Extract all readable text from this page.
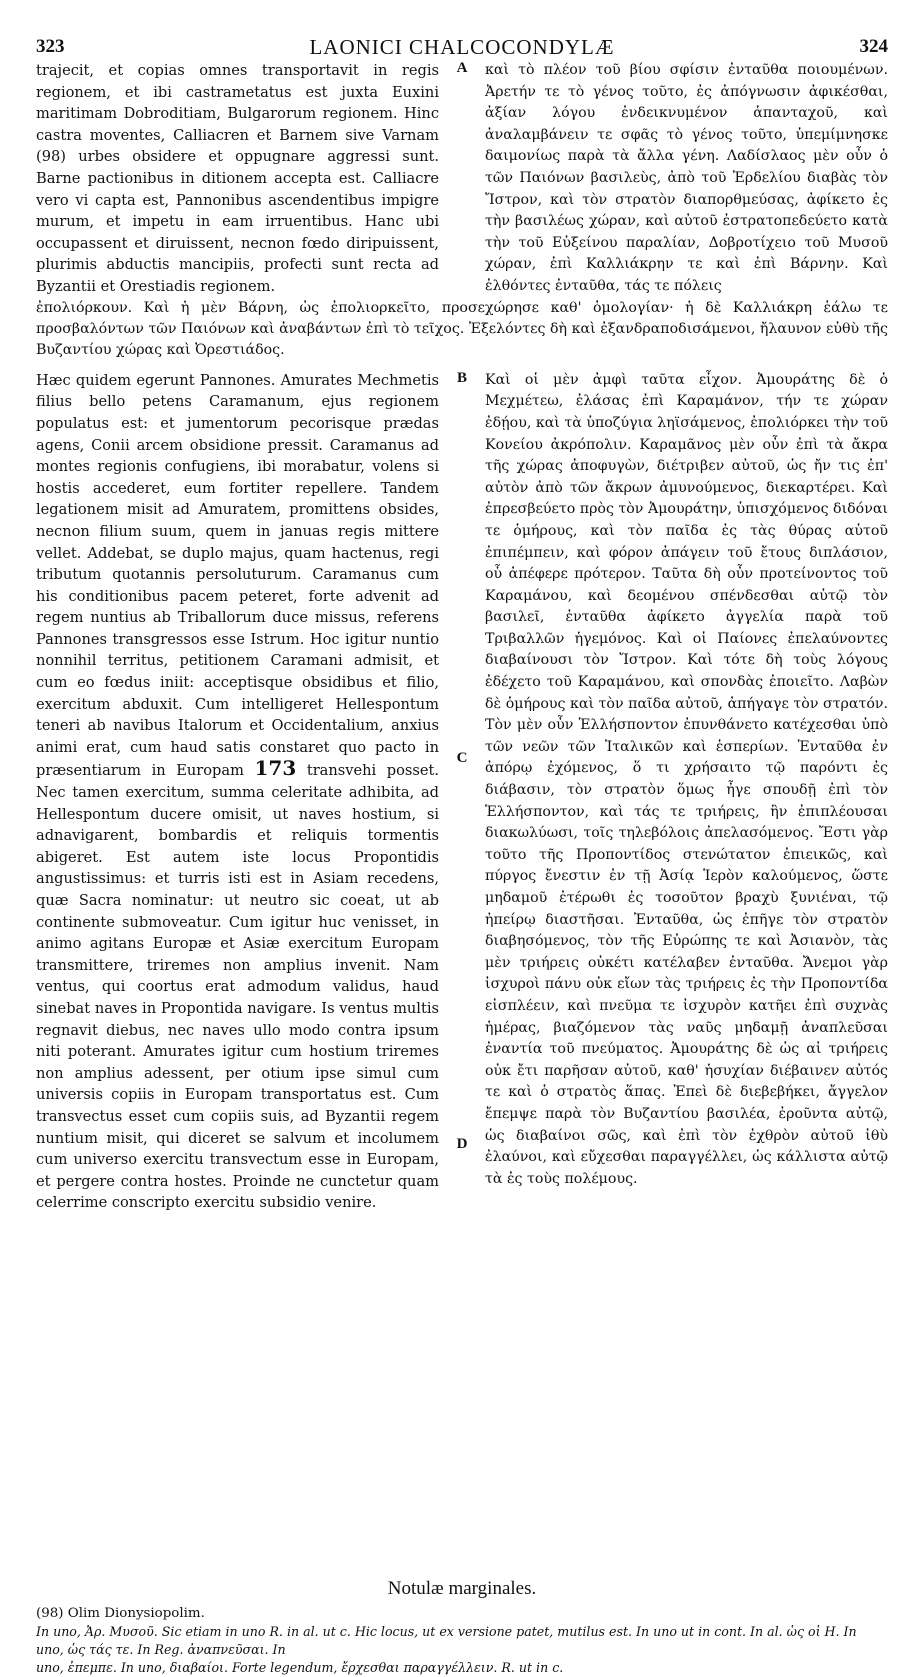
323	LAONICI CHALCOCONDYLÆ	324

trajecit, et copias omnes transportavit in regis regionem, et ibi castrametatus est juxta Euxini maritimam Dobroditiam, Bulgarorum regionem. Hinc castra moventes, Calliacren et Barnem sive Varnam (98) urbes obsidere et oppugnare aggressi sunt. Barne pactionibus in ditionem accepta est. Calliacre vero vi capta est, Pannonibus ascendentibus impigre murum, et impetu in eam irruentibus. Hanc ubi occupassent et diruissent, necnon fœdo diripuissent, plurimis abductis mancipiis, profecti sunt recta ad Byzantii et Orestiadis regionem.

A καὶ τὸ πλέον τοῦ βίου σφίσιν ἐνταῦθα ποιουμένων. Ἀρετήν τε τὸ γένος τοῦτο, ἐς ἀπόγνωσιν ἀφικέσθαι, ἀξίαν λόγου ἐνδεικνυμένον ἁπανταχοῦ, καὶ ἀναλαμβάνειν τε σφᾶς τὸ γένος τοῦτο, ὑπεμίμνησκε δαιμονίως παρὰ τὰ ἄλλα γένη. Λαδίσλαος μὲν οὖν ὁ τῶν Παιόνων βασιλεὺς, ἀπὸ τοῦ Ἐρδελίου διαβὰς τὸν Ἴστρον, καὶ τὸν στρατὸν διαπορθμεύσας, ἀφίκετο ἐς τὴν βασιλέως χώραν, καὶ αὐτοῦ ἐστρατοπεδεύετο κατὰ τὴν τοῦ Εὐξείνου παραλίαν, Δοβροτίχειο τοῦ Μυσοῦ χώραν, ἐπὶ Καλλιάκρην τε καὶ ἐπὶ Βάρνην. Καὶ ἐλθόντες ἐνταῦθα, τάς τε πόλεις

ἐπολιόρκουν. Καὶ ἡ μὲν Βάρνη, ὡς ἐπολιορκεῖτο, προσεχώρησε καθ' ὁμολογίαν· ἡ δὲ Καλλιάκρη ἑάλω τε προσβαλόντων τῶν Παιόνων καὶ ἀναβάντων ἐπὶ τὸ τεῖχος. Ἐξελόντες δὴ καὶ ἐξανδραποδισάμενοι, ἤλαυνον εὐθὺ τῆς Βυζαντίου χώρας καὶ Ὀρεστιάδος.

Hæc quidem egerunt Pannones. Amurates Mechmetis filius bello petens Caramanum, ejus regionem populatus est: et jumentorum pecorisque prædas agens, Conii arcem obsidione pressit. Caramanus ad montes regionis confugiens, ibi morabatur, volens si hostis accederet, eum fortiter repellere. Tandem legationem misit ad Amuratem, promittens obsides, necnon filium suum, quem in januas regis mittere vellet. Addebat, se duplo majus, quam hactenus, regi tributum quotannis persoluturum. Caramanus cum his conditionibus pacem peteret, forte advenit ad regem nuntius ab Triballorum duce missus, referens Pannones transgressos esse Istrum. Hoc igitur nuntio nonnihil territus, petitionem Caramani admisit, et cum eo fœdus iniit: acceptisque obsidibus et filio, exercitum abduxit. Cum intelligeret Hellespontum teneri ab navibus Italorum et Occidentalium, anxius animi erat, cum haud satis constaret quo pacto in præsentiarum in Europam 173 transvehi posset. Nec tamen exercitum, summa celeritate adhibita, ad Hellespontum ducere omisit, ut naves hostium, si adnavigarent, bombardis et reliquis tormentis abigeret. Est autem iste locus Propontidis angustissimus: et turris isti est in Asiam recedens, quæ Sacra nominatur: ut neutro sic coeat, ut ab continente submoveatur. Cum igitur huc venisset, in animo agitans Europæ et Asiæ exercitum Europam transmittere, triremes non amplius invenit. Nam ventus, qui coortus erat admodum validus, haud sinebat naves in Propontida navigare. Is ventus multis regnavit diebus, nec naves ullo modo contra ipsum niti poterant. Amurates igitur cum hostium triremes non amplius adessent, per otium ipse simul cum universis copiis in Europam transportatus est. Cum transvectus esset cum copiis suis, ad Byzantii regem nuntium misit, qui diceret se salvum et incolumem cum universo exercitu transvectum esse in Europam, et pergere contra hostes. Proinde ne cunctetur quam celerrime conscripto exercitu subsidio venire.

B
C
D

Καὶ οἱ μὲν ἀμφὶ ταῦτα εἶχον. Ἀμουράτης δὲ ὁ Μεχμέτεω, ἐλάσας ἐπὶ Καραμάνον, τήν τε χώραν ἐδῄου, καὶ τὰ ὑποζύγια ληϊσάμενος, ἐπολιόρκει τὴν τοῦ Κονείου ἀκρόπολιν. Καραμᾶνος μὲν οὖν ἐπὶ τὰ ἄκρα τῆς χώρας ἀποφυγὼν, διέτριβεν αὐτοῦ, ὡς ἤν τις ἐπ' αὐτὸν ἀπὸ τῶν ἄκρων ἀμυνούμενος, διεκαρτέρει. Καὶ ἐπρεσβεύετο πρὸς τὸν Ἀμουράτην, ὑπισχόμενος διδόναι τε ὁμήρους, καὶ τὸν παῖδα ἐς τὰς θύρας αὐτοῦ ἐπιπέμπειν, καὶ φόρον ἀπάγειν τοῦ ἔτους διπλάσιον, οὗ ἀπέφερε πρότερον. Ταῦτα δὴ οὖν προτείνοντος τοῦ Καραμάνου, καὶ δεομένου σπένδεσθαι αὐτῷ τὸν βασιλεῖ, ἐνταῦθα ἀφίκετο ἀγγελία παρὰ τοῦ Τριβαλλῶν ἡγεμόνος. Καὶ οἱ Παίονες ἐπελαύνοντες διαβαίνουσι τὸν Ἴστρον. Καὶ τότε δὴ τοὺς λόγους ἐδέχετο τοῦ Καραμάνου, καὶ σπονδὰς ἐποιεῖτο. Λαβὼν δὲ ὁμήρους καὶ τὸν παῖδα αὐτοῦ, ἀπήγαγε τὸν στρατόν. Τὸν μὲν οὖν Ἑλλήσποντον ἐπυνθάνετο κατέχεσθαι ὑπὸ τῶν νεῶν τῶν Ἰταλικῶν καὶ ἑσπερίων. Ἐνταῦθα ἐν ἀπόρῳ ἐχόμενος, ὅ τι χρήσαιτο τῷ παρόντι ἐς διάβασιν, τὸν στρατὸν ὅμως ἦγε σπουδῇ ἐπὶ τὸν Ἑλλήσποντον, καὶ τάς τε τριήρεις, ἢν ἐπιπλέουσαι διακωλύωσι, τοῖς τηλεβόλοις ἀπελασόμενος. Ἔστι γὰρ τοῦτο τῆς Προποντίδος στενώτατον ἐπιεικῶς, καὶ πύργος ἔνεστιν ἐν τῇ Ἀσίᾳ Ἱερὸν καλούμενος, ὥστε μηδαμοῦ ἐτέρωθι ἐς τοσοῦτον βραχὺ ξυνιέναι, τῷ ἠπείρῳ διαστῆσαι. Ἐνταῦθα, ὡς ἐπῆγε τὸν στρατὸν διαβησόμενος, τὸν τῆς Εὐρώπης τε καὶ Ἀσιανὸν, τὰς μὲν τριήρεις οὐκέτι κατέλαβεν ἐνταῦθα. Ἄνεμοι γὰρ ἰσχυροὶ πάνυ οὐκ εἴων τὰς τριήρεις ἐς τὴν Προποντίδα εἰσπλέειν, καὶ πνεῦμα τε ἰσχυρὸν κατῆει ἐπὶ συχνὰς ἡμέρας, βιαζόμενον τὰς ναῦς μηδαμῇ ἀναπλεῦσαι ἐναντία τοῦ πνεύματος. Ἀμουράτης δὲ ὡς αἱ τριήρεις οὐκ ἔτι παρῆσαν αὐτοῦ, καθ' ἡσυχίαν διέβαινεν αὐτός τε καὶ ὁ στρατὸς ἅπας. Ἐπεὶ δὲ διεβεβήκει, ἄγγελον ἔπεμψε παρὰ τὸν Βυζαντίου βασιλέα, ἐροῦντα αὐτῷ, ὡς διαβαίνοι σῶς, καὶ ἐπὶ τὸν ἐχθρὸν αὐτοῦ ἰθὺ ἐλαύνοι, καὶ εὔχεσθαι παραγγέλλει, ὡς κάλλιστα αὐτῷ τὰ ἐς τοὺς πολέμους.

Notulæ marginales.

(98) Olim Dionysiopolim.

In uno, Ἀρ. Μυσοῦ. Sic etiam in uno R. in al. ut c. Hic locus, ut ex versione patet, mutilus est. In uno ut in cont. In al. ὡς οἱ Η. In uno, ὡς τάς τε. In Reg. ἀναπνεῦσαι. In

uno, ἐπεμπε. In uno, διαβαίοι. Forte legendum, ἔρχεσθαι παραγγέλλειν. R. ut in c.
